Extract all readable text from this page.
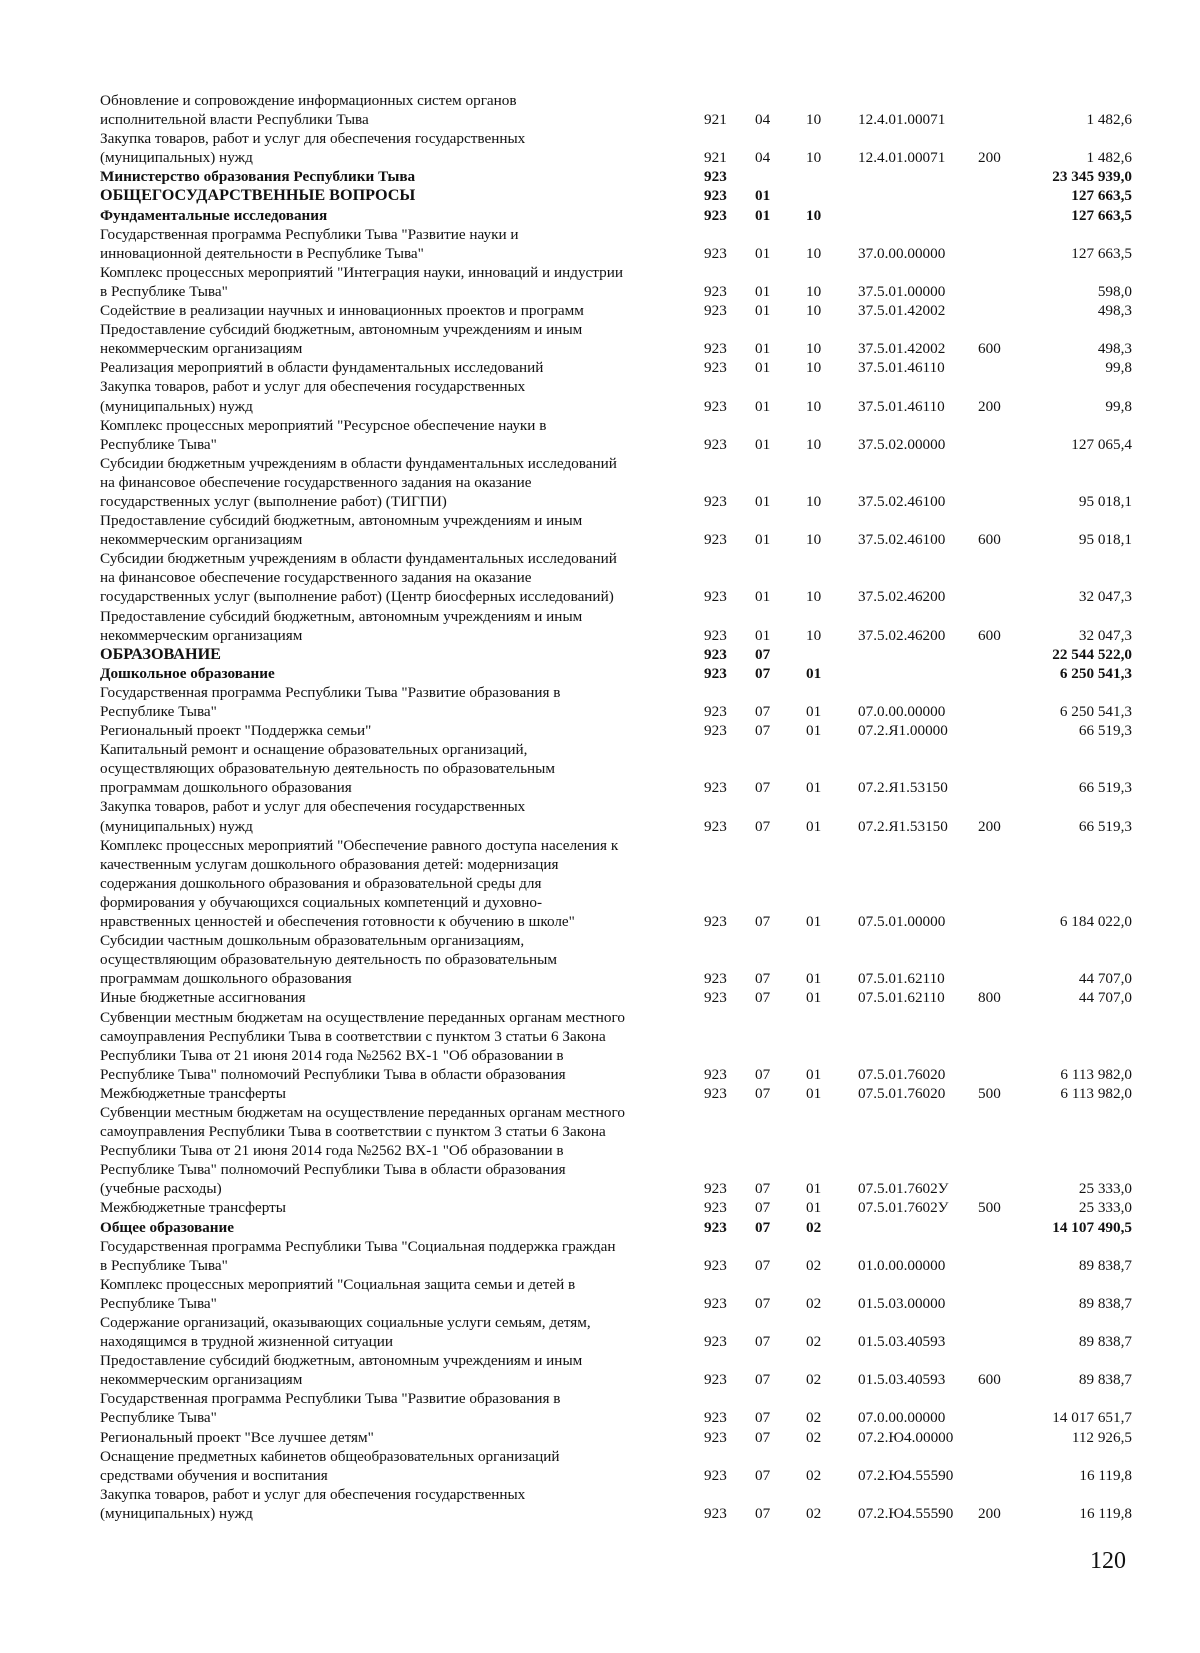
Обновление и сопровождение информационных систем органов
исполнительной власти Республики Тыва	921	04	10	12.4.01.00071		1 482,6
Закупка товаров, работ и услуг для обеспечения государственных
(муниципальных) нужд	921	04	10	12.4.01.00071	200	1 482,6
Министерство образования Республики Тыва	923					23 345 939,0
ОБЩЕГОСУДАРСТВЕННЫЕ ВОПРОСЫ	923	01				127 663,5
Фундаментальные исследования	923	01	10			127 663,5
Государственная программа Республики Тыва "Развитие науки и
инновационной деятельности в Республике Тыва"	923	01	10	37.0.00.00000		127 663,5
Комплекс процессных мероприятий "Интеграция науки, инноваций и индустрии
в Республике Тыва"	923	01	10	37.5.01.00000		598,0
Содействие в реализации научных и инновационных проектов и программ	923	01	10	37.5.01.42002		498,3
Предоставление субсидий бюджетным, автономным учреждениям и иным
некоммерческим организациям	923	01	10	37.5.01.42002	600	498,3
Реализация мероприятий в области фундаментальных исследований	923	01	10	37.5.01.46110		99,8
Закупка товаров, работ и услуг для обеспечения государственных
(муниципальных) нужд	923	01	10	37.5.01.46110	200	99,8
Комплекс процессных мероприятий "Ресурсное обеспечение науки в
Республике Тыва"	923	01	10	37.5.02.00000		127 065,4
Субсидии бюджетным учреждениям в области фундаментальных исследований
на финансовое обеспечение государственного задания на оказание
государственных услуг (выполнение работ) (ТИГПИ)	923	01	10	37.5.02.46100		95 018,1
Предоставление субсидий бюджетным, автономным учреждениям и иным
некоммерческим организациям	923	01	10	37.5.02.46100	600	95 018,1
Субсидии бюджетным учреждениям в области фундаментальных исследований
на финансовое обеспечение государственного задания на оказание
государственных услуг (выполнение работ) (Центр биосферных исследований)	923	01	10	37.5.02.46200		32 047,3
Предоставление субсидий бюджетным, автономным учреждениям и иным
некоммерческим организациям	923	01	10	37.5.02.46200	600	32 047,3
ОБРАЗОВАНИЕ	923	07				22 544 522,0
Дошкольное образование	923	07	01			6 250 541,3
Государственная программа Республики Тыва "Развитие образования в
Республике Тыва"	923	07	01	07.0.00.00000		6 250 541,3
Региональный проект "Поддержка семьи"	923	07	01	07.2.Я1.00000		66 519,3
Капитальный ремонт и оснащение образовательных организаций,
осуществляющих образовательную деятельность по образовательным
программам дошкольного образования	923	07	01	07.2.Я1.53150		66 519,3
Закупка товаров, работ и услуг для обеспечения государственных
(муниципальных) нужд	923	07	01	07.2.Я1.53150	200	66 519,3
Комплекс процессных мероприятий "Обеспечение равного доступа населения к
качественным услугам дошкольного образования детей: модернизация
содержания дошкольного образования и образовательной среды для
формирования у обучающихся социальных компетенций и духовно-
нравственных ценностей и обеспечения готовности к обучению в школе"	923	07	01	07.5.01.00000		6 184 022,0
Субсидии частным дошкольным образовательным организациям,
осуществляющим образовательную деятельность по образовательным
программам дошкольного образования	923	07	01	07.5.01.62110		44 707,0
Иные бюджетные ассигнования	923	07	01	07.5.01.62110	800	44 707,0
Субвенции местным бюджетам на осуществление переданных органам местного
самоуправления Республики Тыва в соответствии с пунктом 3 статьи 6 Закона
Республики Тыва от 21 июня 2014 года №2562 ВХ-1 "Об образовании в
Республике Тыва" полномочий Республики Тыва в области образования	923	07	01	07.5.01.76020		6 113 982,0
Межбюджетные трансферты	923	07	01	07.5.01.76020	500	6 113 982,0
Субвенции местным бюджетам на осуществление переданных органам местного
самоуправления Республики Тыва в соответствии с пунктом 3 статьи 6 Закона
Республики Тыва от 21 июня 2014 года №2562 ВХ-1 "Об образовании в
Республике Тыва" полномочий Республики Тыва в области образования
(учебные расходы)	923	07	01	07.5.01.7602У		25 333,0
Межбюджетные трансферты	923	07	01	07.5.01.7602У	500	25 333,0
Общее образование	923	07	02			14 107 490,5
Государственная программа Республики Тыва "Социальная поддержка граждан
в Республике Тыва"	923	07	02	01.0.00.00000		89 838,7
Комплекс процессных мероприятий "Социальная защита семьи и детей в
Республике Тыва"	923	07	02	01.5.03.00000		89 838,7
Содержание организаций, оказывающих социальные услуги семьям, детям,
находящимся в трудной жизненной ситуации	923	07	02	01.5.03.40593		89 838,7
Предоставление субсидий бюджетным, автономным учреждениям и иным
некоммерческим организациям	923	07	02	01.5.03.40593	600	89 838,7
Государственная программа Республики Тыва "Развитие образования в
Республике Тыва"	923	07	02	07.0.00.00000		14 017 651,7
Региональный проект "Все лучшее детям"	923	07	02	07.2.Ю4.00000		112 926,5
Оснащение предметных кабинетов общеобразовательных организаций
средствами обучения и воспитания	923	07	02	07.2.Ю4.55590		16 119,8
Закупка товаров, работ и услуг для обеспечения государственных
(муниципальных) нужд	923	07	02	07.2.Ю4.55590	200	16 119,8
120
